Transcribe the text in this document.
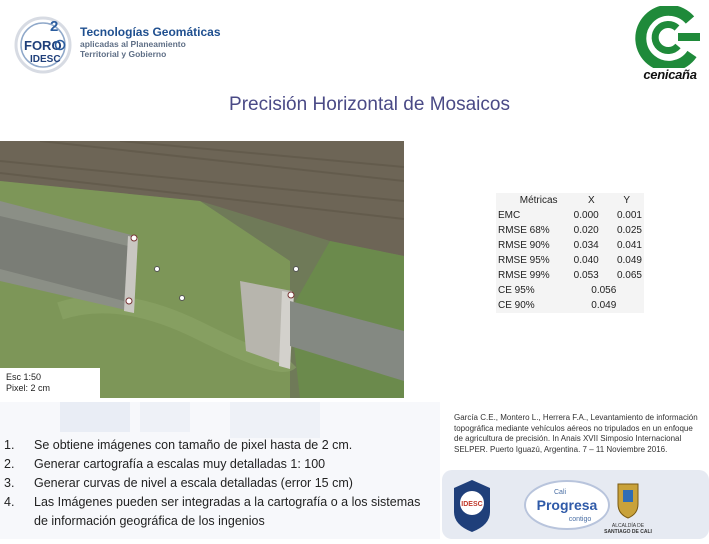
2
FORO
IDESC
Tecnologías Geomáticas
aplicadas al Planeamiento
Territorial y Gobierno
cenicaña
Precisión Horizontal de Mosaicos
Esc 1:50
Pixel: 2 cm
Métricas	X	Y
EMC	0.000	0.001
RMSE 68%	0.020	0.025
RMSE 90%	0.034	0.041
RMSE 95%	0.040	0.049
RMSE 99%	0.053	0.065
CE 95%	0.056	
CE 90%	0.049	
García C.E., Montero L., Herrera F.A., Levantamiento de información topográfica mediante vehículos aéreos no tripulados en un enfoque de agricultura de precisión. In Anais XVII Simposio Internacional SELPER. Puerto Iguazú, Argentina. 7 – 11 Noviembre 2016.
1. Se obtiene imágenes con tamaño de pixel hasta de 2 cm.
2. Generar cartografía a escalas muy detalladas 1: 100
3. Generar curvas de nivel a escala detalladas (error 15 cm)
4. Las Imágenes pueden ser integradas a la cartografía o a los sistemas de información geográfica de los ingenios
IDESC
Cali
Progresa
contigo
ALCALDÍA DE
SANTIAGO DE CALI
